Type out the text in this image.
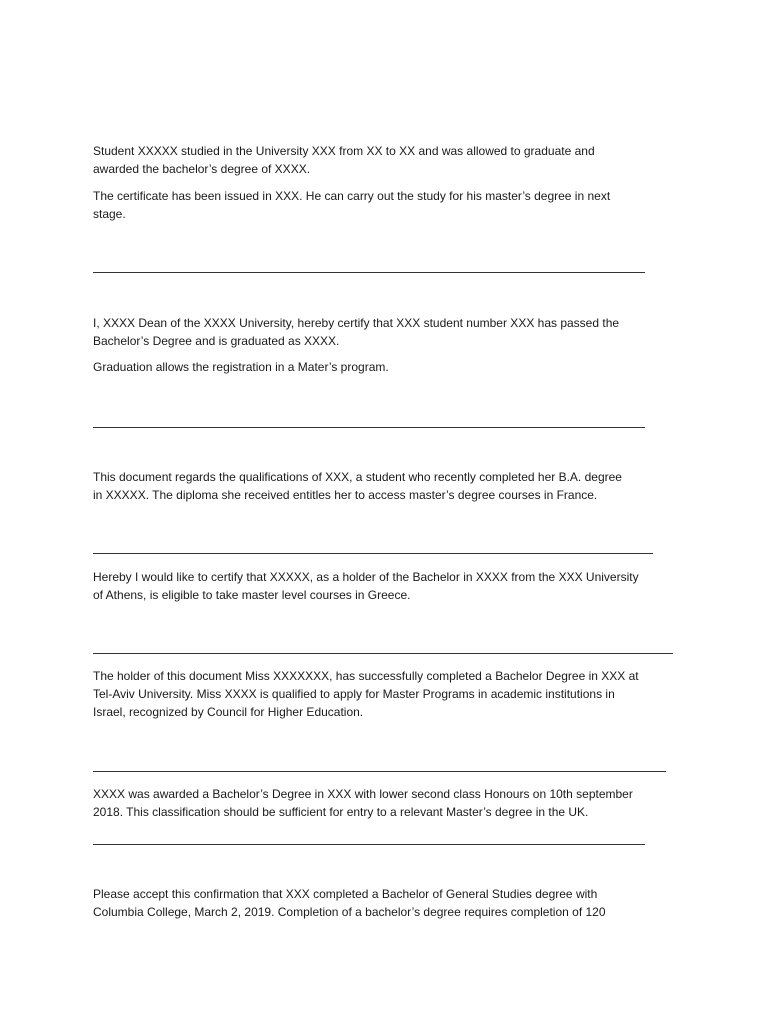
Student XXXXX studied in the University XXX from XX to XX and was allowed to graduate and
awarded the bachelor’s degree of XXXX.

The certificate has been issued in XXX. He can carry out the study for his master’s degree in next
stage.

I, XXXX Dean of the XXXX University, hereby certify that XXX student number XXX has passed the
Bachelor’s Degree and is graduated as XXXX.

Graduation allows the registration in a Mater’s program.

This document regards the qualifications of XXX, a student who recently completed her B.A. degree
in XXXXX. The diploma she received entitles her to access master’s degree courses in France.

Hereby I would like to certify that XXXXX, as a holder of the Bachelor in XXXX from the XXX University
of Athens, is eligible to take master level courses in Greece.

The holder of this document Miss XXXXXXX, has successfully completed a Bachelor Degree in XXX at
Tel-Aviv University. Miss XXXX is qualified to apply for Master Programs in academic institutions in
Israel, recognized by Council for Higher Education.

XXXX was awarded a Bachelor’s Degree in XXX with lower second class Honours on 10th september
2018. This classification should be sufficient for entry to a relevant Master’s degree in the UK.

Please accept this confirmation that XXX completed a Bachelor of General Studies degree with
Columbia College, March 2, 2019. Completion of a bachelor’s degree requires completion of 120
